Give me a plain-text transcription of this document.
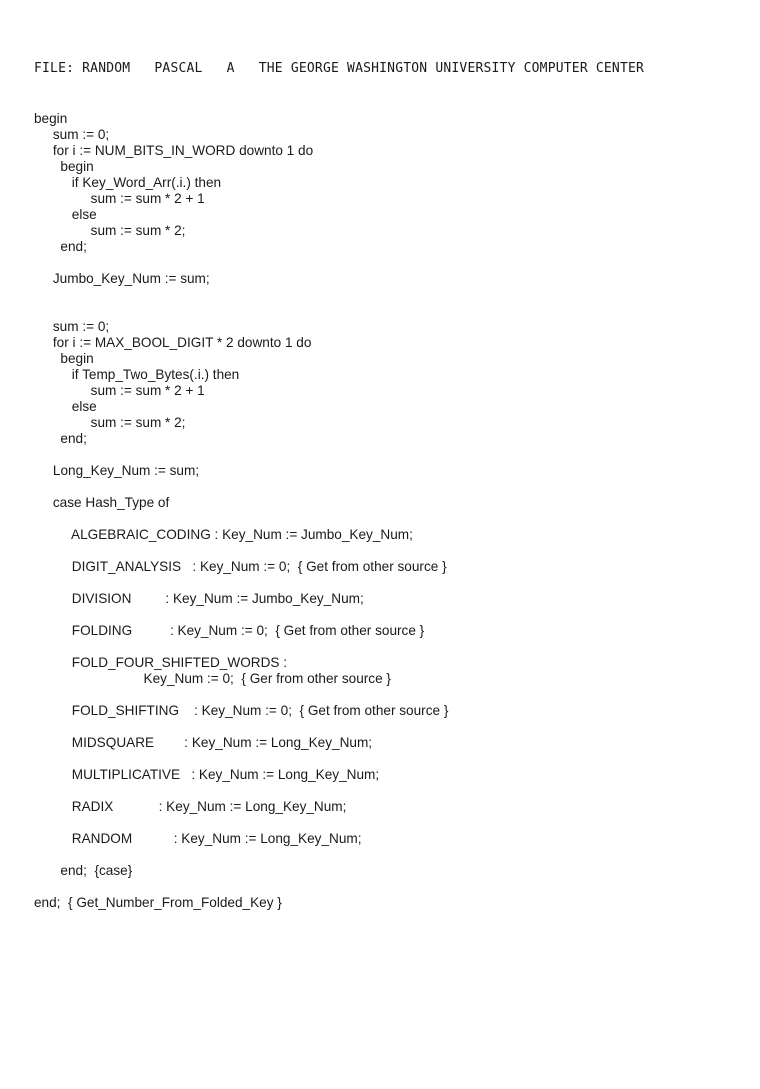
FILE: RANDOM   PASCAL   A   THE GEORGE WASHINGTON UNIVERSITY COMPUTER CENTER
begin
sum := 0;
for i := NUM_BITS_IN_WORD downto 1 do
begin
if Key_Word_Arr(.i.) then
sum := sum * 2 + 1
else
sum := sum * 2;
end;
Jumbo_Key_Num := sum;
sum := 0;
for i := MAX_BOOL_DIGIT * 2 downto 1 do
begin
if Temp_Two_Bytes(.i.) then
sum := sum * 2 + 1
else
sum := sum * 2;
end;
Long_Key_Num := sum;
case Hash_Type of
ALGEBRAIC_CODING : Key_Num := Jumbo_Key_Num;
DIGIT_ANALYSIS   : Key_Num := 0;  { Get from other source }
DIVISION         : Key_Num := Jumbo_Key_Num;
FOLDING          : Key_Num := 0;  { Get from other source }
FOLD_FOUR_SHIFTED_WORDS :
Key_Num := 0;  { Ger from other source }
FOLD_SHIFTING    : Key_Num := 0;  { Get from other source }
MIDSQUARE        : Key_Num := Long_Key_Num;
MULTIPLICATIVE   : Key_Num := Long_Key_Num;
RADIX            : Key_Num := Long_Key_Num;
RANDOM           : Key_Num := Long_Key_Num;
end;  {case}
end;  { Get_Number_From_Folded_Key }
